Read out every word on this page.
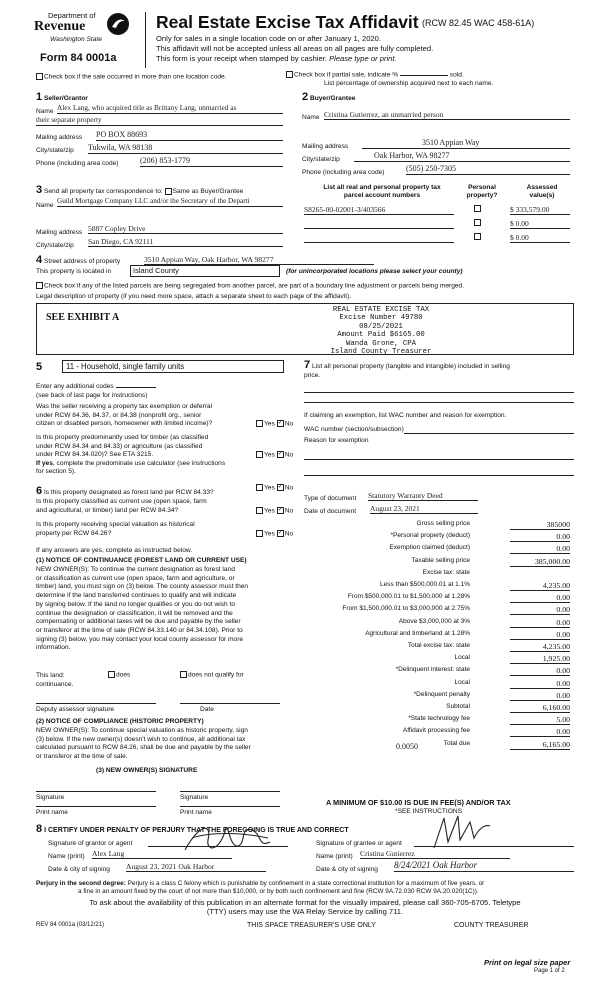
Department of
Revenue
Washington State
Form 84 0001a
Real Estate Excise Tax Affidavit (RCW 82.45 WAC 458-61A)
Only for sales in a single location code on or after January 1, 2020.
This affidavit will not be accepted unless all areas on all pages are fully completed.
This form is your receipt when stamped by cashier. Please type or print.
Check box if the sale occurred in more than one location code.	Check box if partial sale, indicate %	sold.
List percentage of ownership acquired next to each name.
1 Seller/Grantor
Name Alex Lang, who acquired title as Brittany Lang, unmarried as
their separate property
Mailing address PO BOX 88693
City/state/zip Tukwila, WA 98138
Phone (including area code)	(206) 853-1779
2 Buyer/Grantee
Name Cristina Gutierrez, an unmarried person
Mailing address	3510 Appian Way
City/state/zip	Oak Harbor, WA 98277
Phone (including area code)	(505) 250-7305
3 Send all property tax correspondence to: Same as Buyer/Grantee
Name
Guild Mortgage Company LLC and/or the Secretary of the Departi
Mailing address 5887 Copley Drive
City/state/zip San Diego, CA 92111
List all real and personal property tax
parcel account numbers
Personal
property?
Assessed
value(s)
S8265-00-02001-3/403566	$ 333,579.00
$ 0.00
$ 0.00
4 Street address of property	3510 Appian Way, Oak Harbor, WA 98277
This property is located in	Island County	(for unincorporated locations please select your county)
Check box if any of the listed parcels are being segregated from another parcel, are part of a boundary line adjustment or parcels being merged.
Legal description of property (if you need more space, attach a separate sheet to each page of the affidavit).
SEE EXHIBIT A
REAL ESTATE EXCISE TAX
Excise Number 49780
08/25/2021
Amount Paid $6165.00
Wanda Grone, CPA
Island County Treasurer
5	11 - Household, single family units
Enter any additional codes
(see back of last page for instructions)
Was the seller receiving a property tax exemption or deferral
under RCW 84.36, 84.37, or 84.38 (nonprofit org., senior
citizen or disabled person, homeowner with limited income)?	Yes ✓ No
Is this property predominantly used for timber (as classified
under RCW 84.34 and 84.33) or agriculture (as classified
under RCW 84.34.020)? See ETA 3215.
If yes, complete the predominate use calculator (see instructions
for section 5).
Yes ✓ No
6 Is this property designated as forest land per RCW 84.33?
Yes ✓ No
Is this property classified as current use (open space, farm
and agricultural, or timber) land per RCW 84.34?	Yes ✓ No
Is this property receiving special valuation as historical
property per RCW 84.26?	Yes ✓ No
If any answers are yes, complete as instructed below.
(1) NOTICE OF CONTINUANCE (FOREST LAND OR CURRENT USE)
NEW OWNER(S): To continue the current designation as forest land
or classification as current use (open space, farm and agriculture, or
timber) land, you must sign on (3) below. The county assessor must then
determine if the land transferred continues to qualify and will indicate
by signing below. If the land no longer qualifies or you do not wish to
continue the designation or classification, it will be removed and the
compensating or additional taxes will be due and payable by the seller
or transferor at the time of sale (RCW 84.33.140 or 84.34.108). Prior to
signing (3) below, you may contact your local county assessor for more
information.
This land:	does	does not qualify for
continuance.
Deputy assessor signature	Date
(2) NOTICE OF COMPLIANCE (HISTORIC PROPERTY)
NEW OWNER(S): To continue special valuation as historic property, sign
(3) below. If the new owner(s) doesn't wish to continue, all additional tax
calculated pursuant to RCW 84.26, shall be due and payable by the seller
or transferor at the time of sale.
(3) NEW OWNER(S) SIGNATURE
Signature	Signature
Print name	Print name
7 List all personal property (tangible and intangible) included in selling
price.
If claiming an exemption, list WAC number and reason for exemption.
WAC number (section/subsection)
Reason for exemption
Type of document Statutory Warranty Deed
Date of document August 23, 2021
Gross selling price	385000
*Personal property (deduct)	0.00
Exemption claimed (deduct)	0.00
Taxable selling price	385,000.00
Excise tax: state
Less than $500,000.01 at 1.1%	4,235.00
From $500,000.01 to $1,500,000 at 1.28%	0.00
From $1,500,000.01 to $3,000,000 at 2.75%	0.00
Above $3,000,000 at 3%	0.00
Agricultural and timberland at 1.28%	0.00
Total excise tax: state	4,235.00
Local	1,925.00
*Delinquent interest: state	0.00
Local	0.00
*Delinquent penalty	0.00
Subtotal	6,160.00
*State technology fee	5.00
Affidavit processing fee	0.00
Total due	6,165.00
0.0050
A MINIMUM OF $10.00 IS DUE IN FEE(S) AND/OR TAX
*SEE INSTRUCTIONS
8 I CERTIFY UNDER PENALTY OF PERJURY THAT THE FOREGOING IS TRUE AND CORRECT
Signature of grantor or agent
Name (print) Alex Lang
Date & city of signing August 23, 2021 Oak Harbor
Signature of grantee or agent
Name (print) Cristina Gutierrez
Date & city of signing 8/24/2021 Oak Harbor
Perjury in the second degree: Perjury is a class C felony which is punishable by confinement in a state correctional institution for a maximum of five years, or
a fine in an amount fixed by the court of not more than $10,000, or by both such confinement and fine (RCW 9A.72.030 RCW 9A.20.020(1C)).
To ask about the availability of this publication in an alternate format for the visually impaired, please call 360-705-6705. Teletype
(TTY) users may use the WA Relay Service by calling 711.
REV 84 0001a (03/12/21)	THIS SPACE TREASURER'S USE ONLY	COUNTY TREASURER
Print on legal size paper
Page 1 of 2
